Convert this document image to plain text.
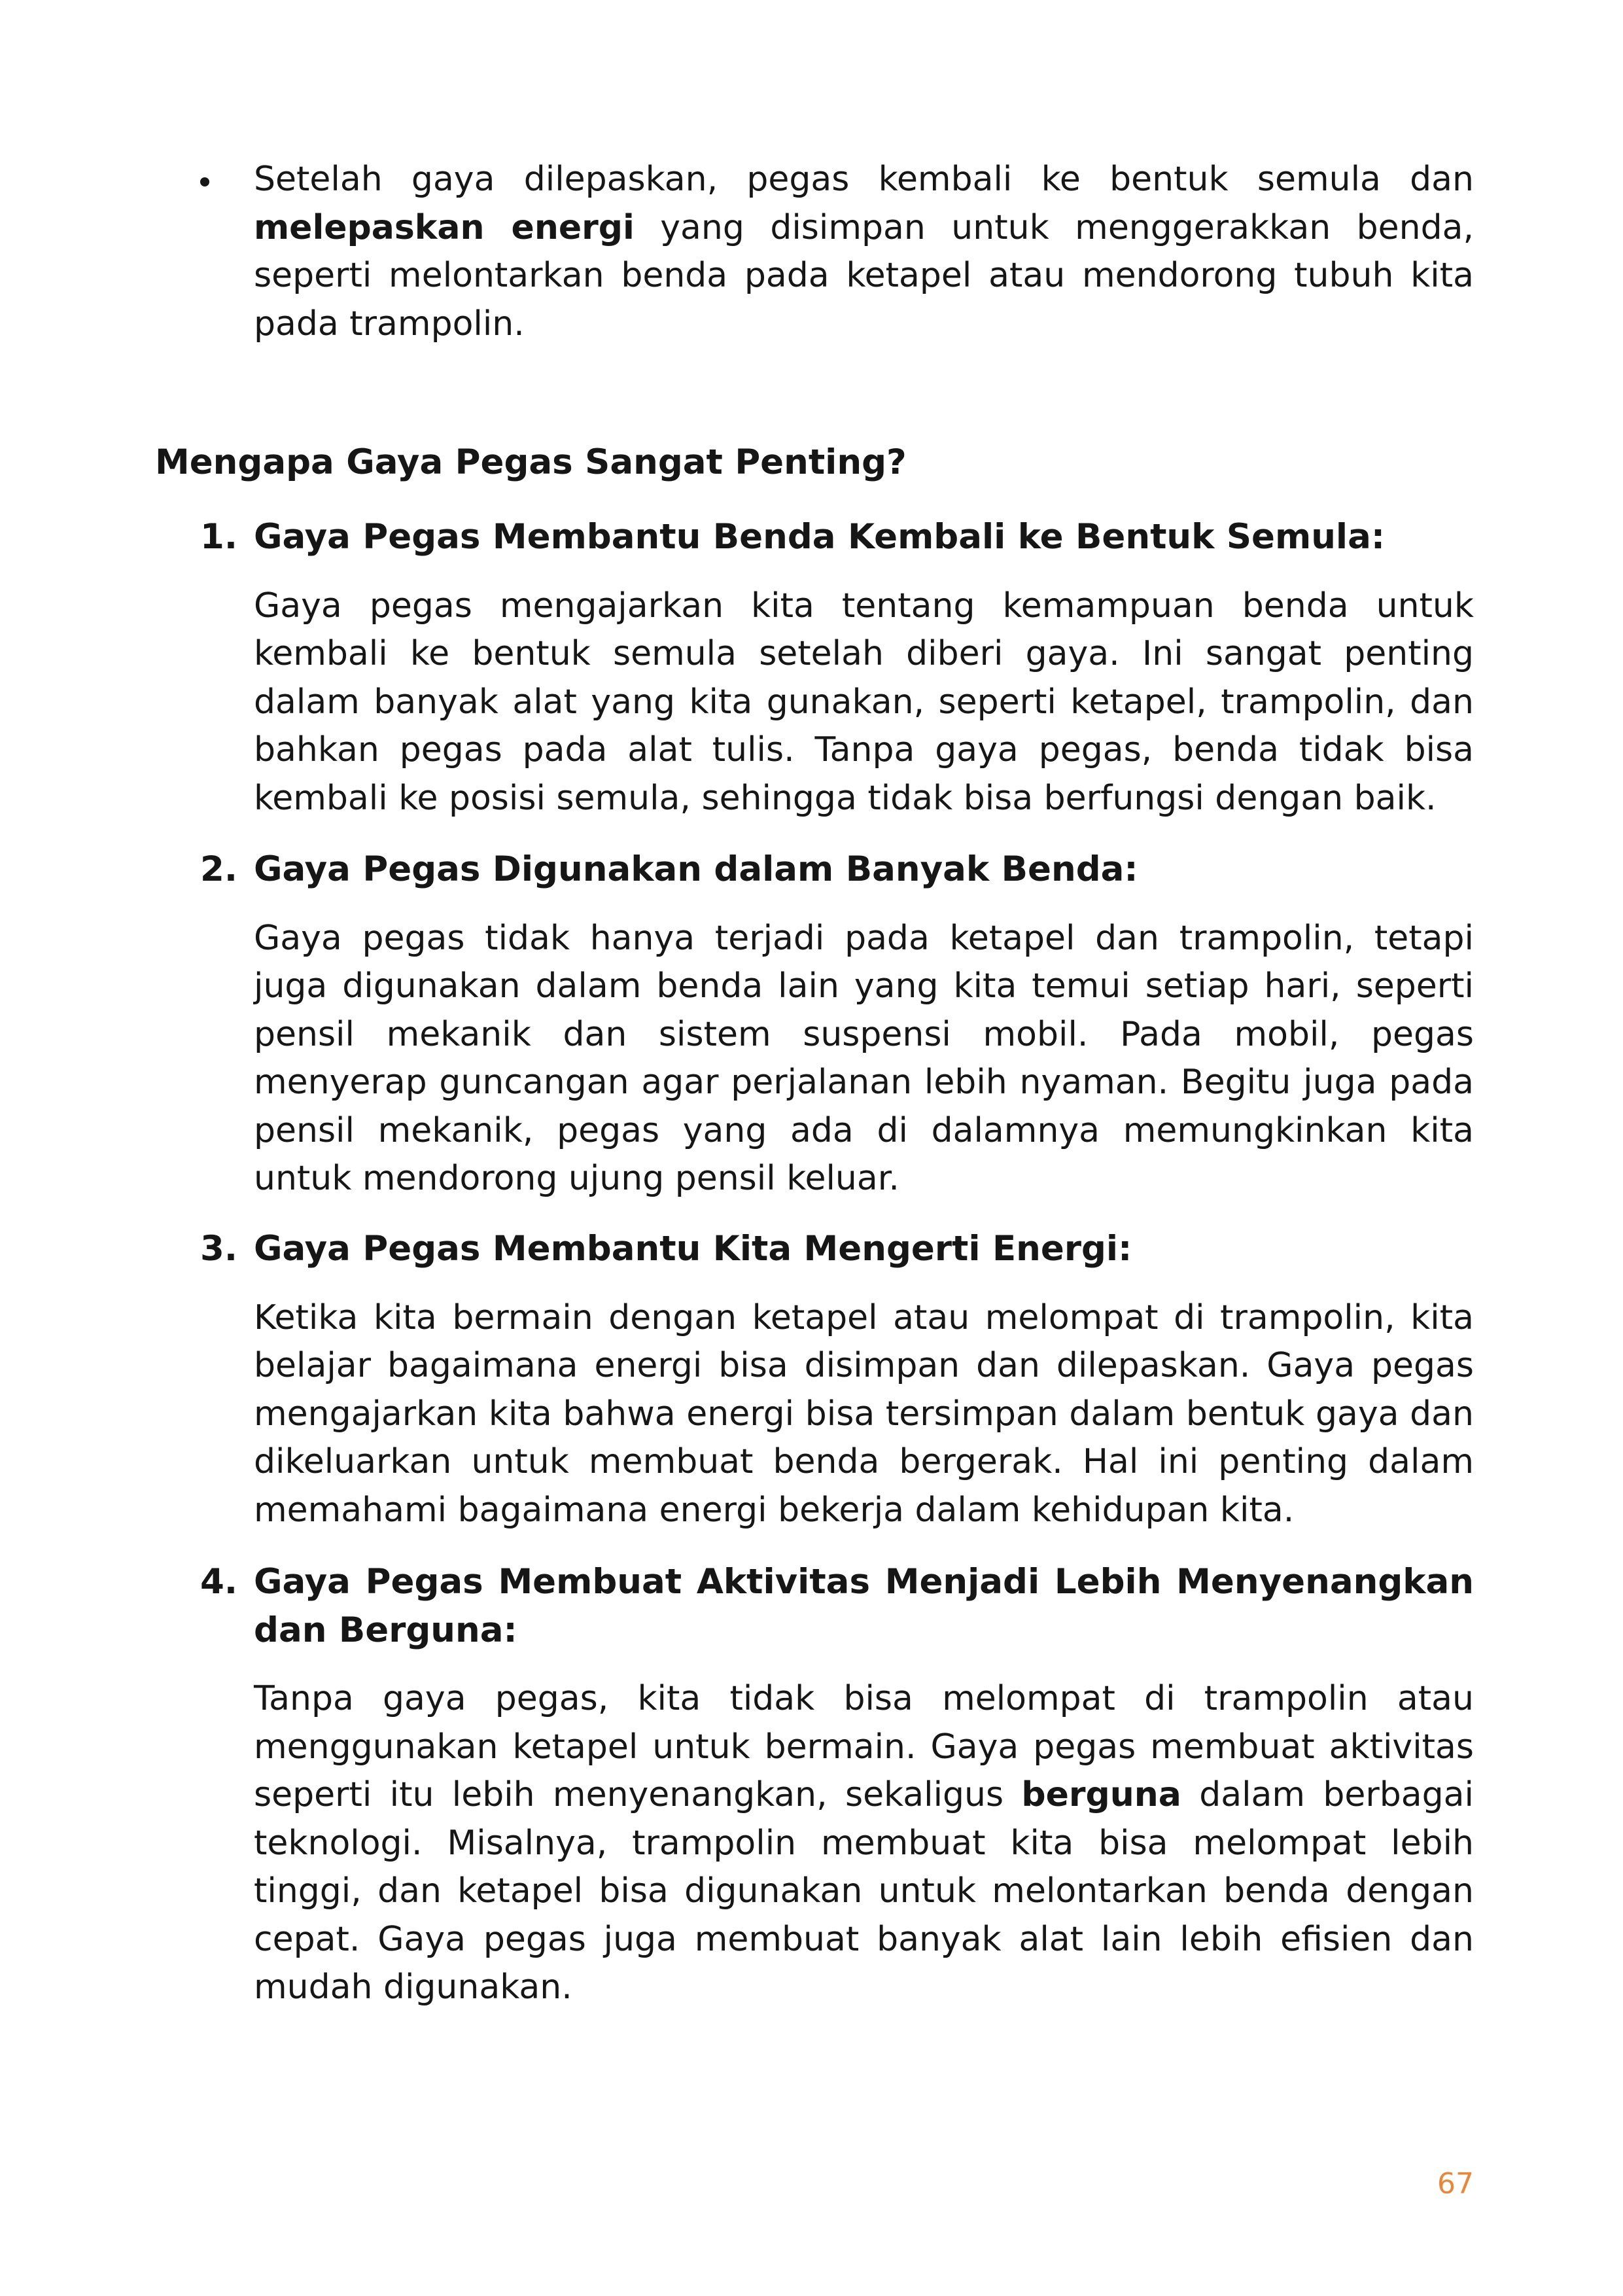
Setelah gaya dilepaskan, pegas kembali ke bentuk semula dan melepaskan energi yang disimpan untuk menggerakkan benda, seperti melontarkan benda pada ketapel atau mendorong tubuh kita pada trampolin.

Mengapa Gaya Pegas Sangat Penting?
1. Gaya Pegas Membantu Benda Kembali ke Bentuk Semula:

Gaya pegas mengajarkan kita tentang kemampuan benda untuk kembali ke bentuk semula setelah diberi gaya. Ini sangat penting dalam banyak alat yang kita gunakan, seperti ketapel, trampolin, dan bahkan pegas pada alat tulis. Tanpa gaya pegas, benda tidak bisa kembali ke posisi semula, sehingga tidak bisa berfungsi dengan baik.

2. Gaya Pegas Digunakan dalam Banyak Benda:

Gaya pegas tidak hanya terjadi pada ketapel dan trampolin, tetapi juga digunakan dalam benda lain yang kita temui setiap hari, seperti pensil mekanik dan sistem suspensi mobil. Pada mobil, pegas menyerap guncangan agar perjalanan lebih nyaman. Begitu juga pada pensil mekanik, pegas yang ada di dalamnya memungkinkan kita untuk mendorong ujung pensil keluar.

3. Gaya Pegas Membantu Kita Mengerti Energi:

Ketika kita bermain dengan ketapel atau melompat di trampolin, kita belajar bagaimana energi bisa disimpan dan dilepaskan. Gaya pegas mengajarkan kita bahwa energi bisa tersimpan dalam bentuk gaya dan dikeluarkan untuk membuat benda bergerak. Hal ini penting dalam memahami bagaimana energi bekerja dalam kehidupan kita.

4. Gaya Pegas Membuat Aktivitas Menjadi Lebih Menyenangkan dan Berguna:

Tanpa gaya pegas, kita tidak bisa melompat di trampolin atau menggunakan ketapel untuk bermain. Gaya pegas membuat aktivitas seperti itu lebih menyenangkan, sekaligus berguna dalam berbagai teknologi. Misalnya, trampolin membuat kita bisa melompat lebih tinggi, dan ketapel bisa digunakan untuk melontarkan benda dengan cepat. Gaya pegas juga membuat banyak alat lain lebih efisien dan mudah digunakan.

67
